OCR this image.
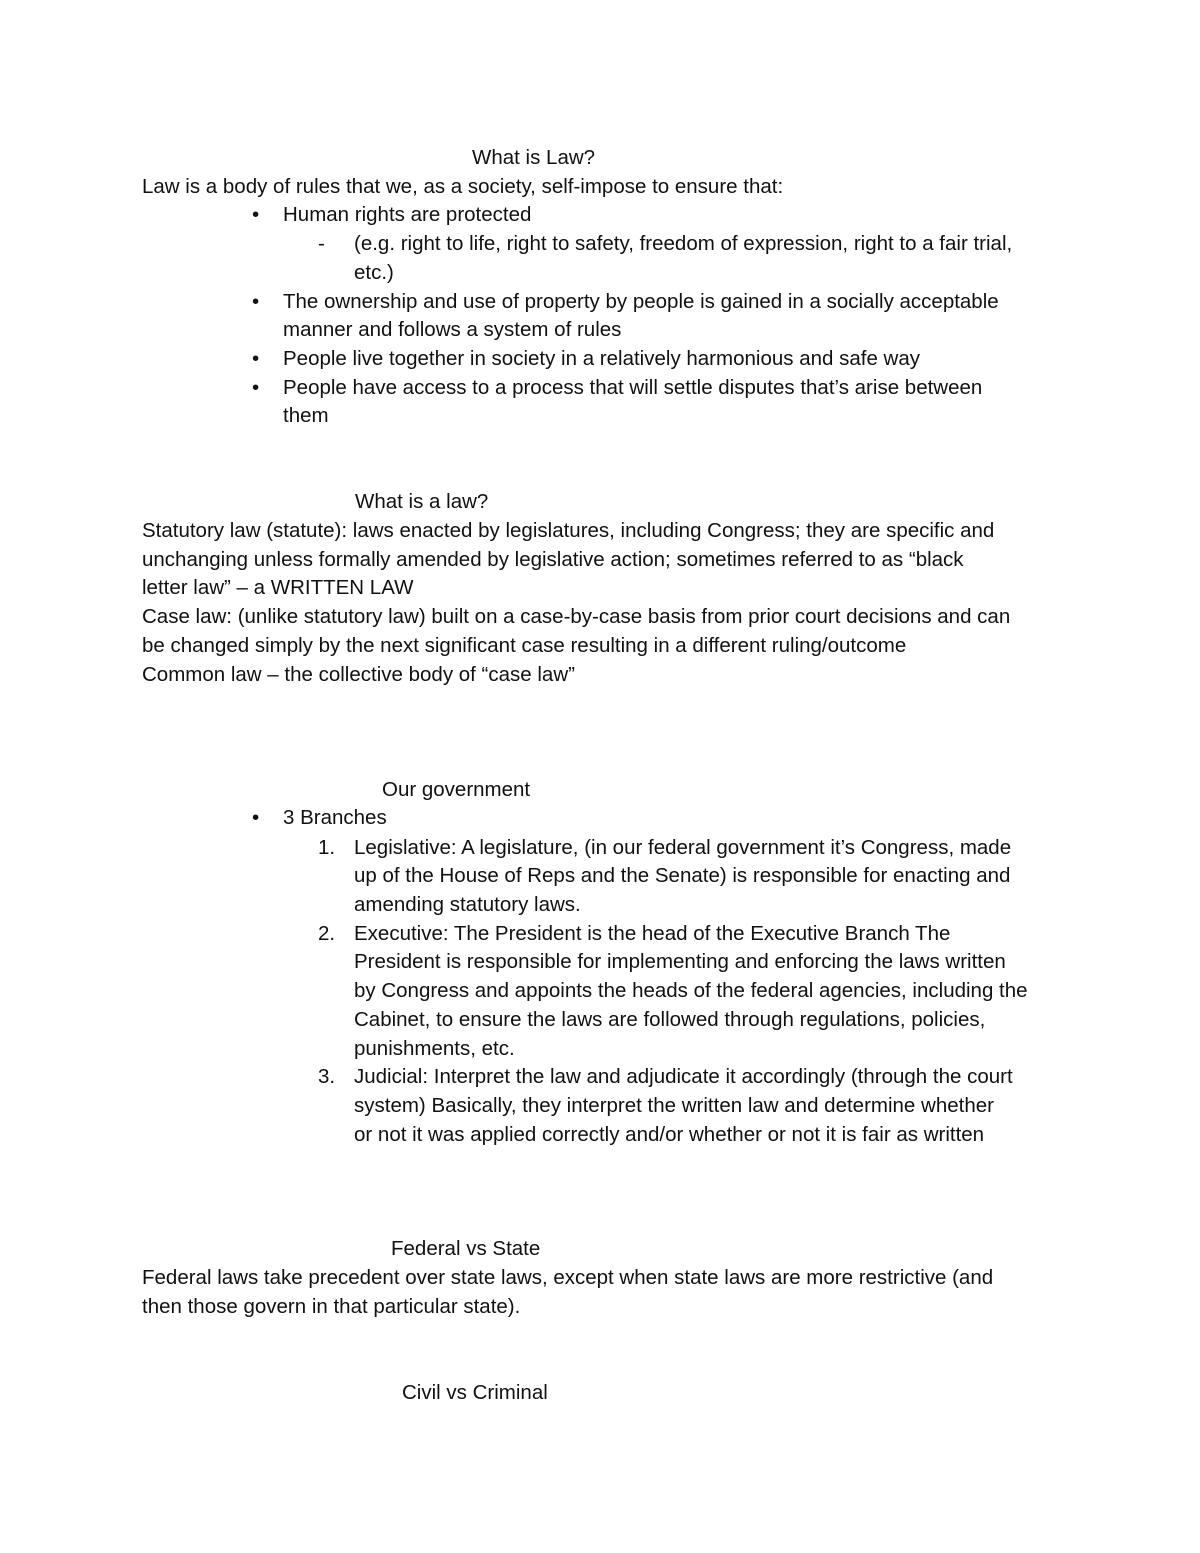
What is Law?
Law is a body of rules that we, as a society, self-impose to ensure that:
• Human rights are protected
- (e.g. right to life, right to safety, freedom of expression, right to a fair trial,
etc.)
• The ownership and use of property by people is gained in a socially acceptable
manner and follows a system of rules
• People live together in society in a relatively harmonious and safe way
• People have access to a process that will settle disputes that’s arise between
them
What is a law?
Statutory law (statute): laws enacted by legislatures, including Congress; they are specific and
unchanging unless formally amended by legislative action; sometimes referred to as “black
letter law” – a WRITTEN LAW
Case law: (unlike statutory law) built on a case-by-case basis from prior court decisions and can
be changed simply by the next significant case resulting in a different ruling/outcome
Common law – the collective body of “case law”
Our government
• 3 Branches
1. Legislative: A legislature, (in our federal government it’s Congress, made
up of the House of Reps and the Senate) is responsible for enacting and
amending statutory laws.
2. Executive: The President is the head of the Executive Branch The
President is responsible for implementing and enforcing the laws written
by Congress and appoints the heads of the federal agencies, including the
Cabinet, to ensure the laws are followed through regulations, policies,
punishments, etc.
3. Judicial: Interpret the law and adjudicate it accordingly (through the court
system) Basically, they interpret the written law and determine whether
or not it was applied correctly and/or whether or not it is fair as written
Federal vs State
Federal laws take precedent over state laws, except when state laws are more restrictive (and
then those govern in that particular state).
Civil vs Criminal
